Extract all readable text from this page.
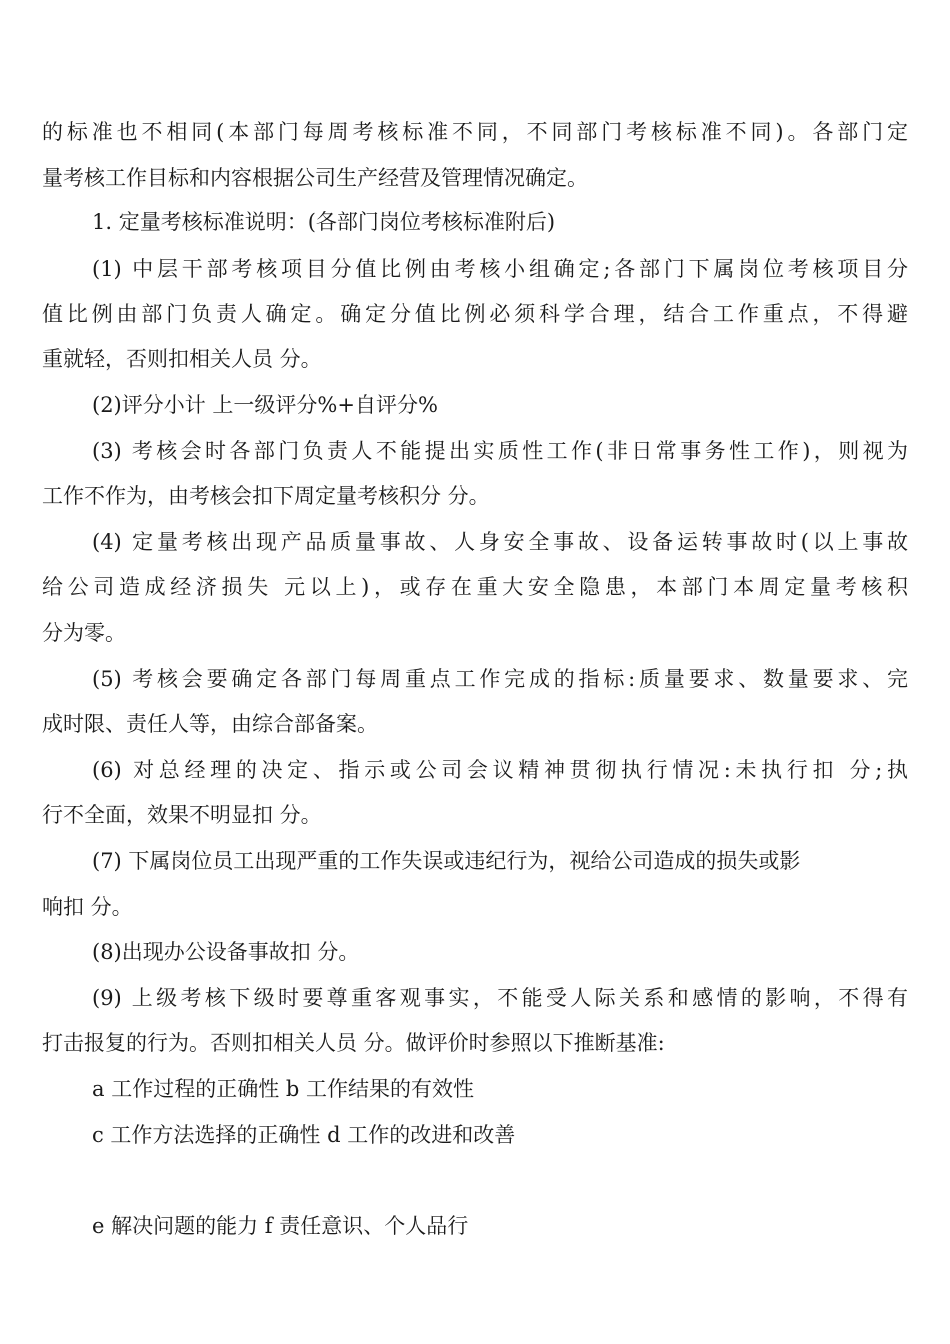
的标准也不相同(本部门每周考核标准不同，不同部门考核标准不同)。各部门定
量考核工作目标和内容根据公司生产经营及管理情况确定。
1. 定量考核标准说明：(各部门岗位考核标准附后)
(1) 中层干部考核项目分值比例由考核小组确定;各部门下属岗位考核项目分
值比例由部门负责人确定。确定分值比例必须科学合理，结合工作重点，不得避
重就轻，否则扣相关人员 分。
(2)评分小计 上一级评分%+自评分%
(3) 考核会时各部门负责人不能提出实质性工作(非日常事务性工作)，则视为
工作不作为，由考核会扣下周定量考核积分 分。
(4) 定量考核出现产品质量事故、人身安全事故、设备运转事故时(以上事故
给公司造成经济损失 元以上)，或存在重大安全隐患，本部门本周定量考核积
分为零。
(5) 考核会要确定各部门每周重点工作完成的指标:质量要求、数量要求、完
成时限、责任人等，由综合部备案。
(6) 对总经理的决定、指示或公司会议精神贯彻执行情况:未执行扣 分;执
行不全面，效果不明显扣 分。
(7) 下属岗位员工出现严重的工作失误或违纪行为，视给公司造成的损失或影
响扣 分。
(8)出现办公设备事故扣 分。
(9) 上级考核下级时要尊重客观事实，不能受人际关系和感情的影响，不得有
打击报复的行为。否则扣相关人员 分。做评价时参照以下推断基准:
a 工作过程的正确性 b 工作结果的有效性
c 工作方法选择的正确性 d 工作的改进和改善
e 解决问题的能力 f 责任意识、个人品行
